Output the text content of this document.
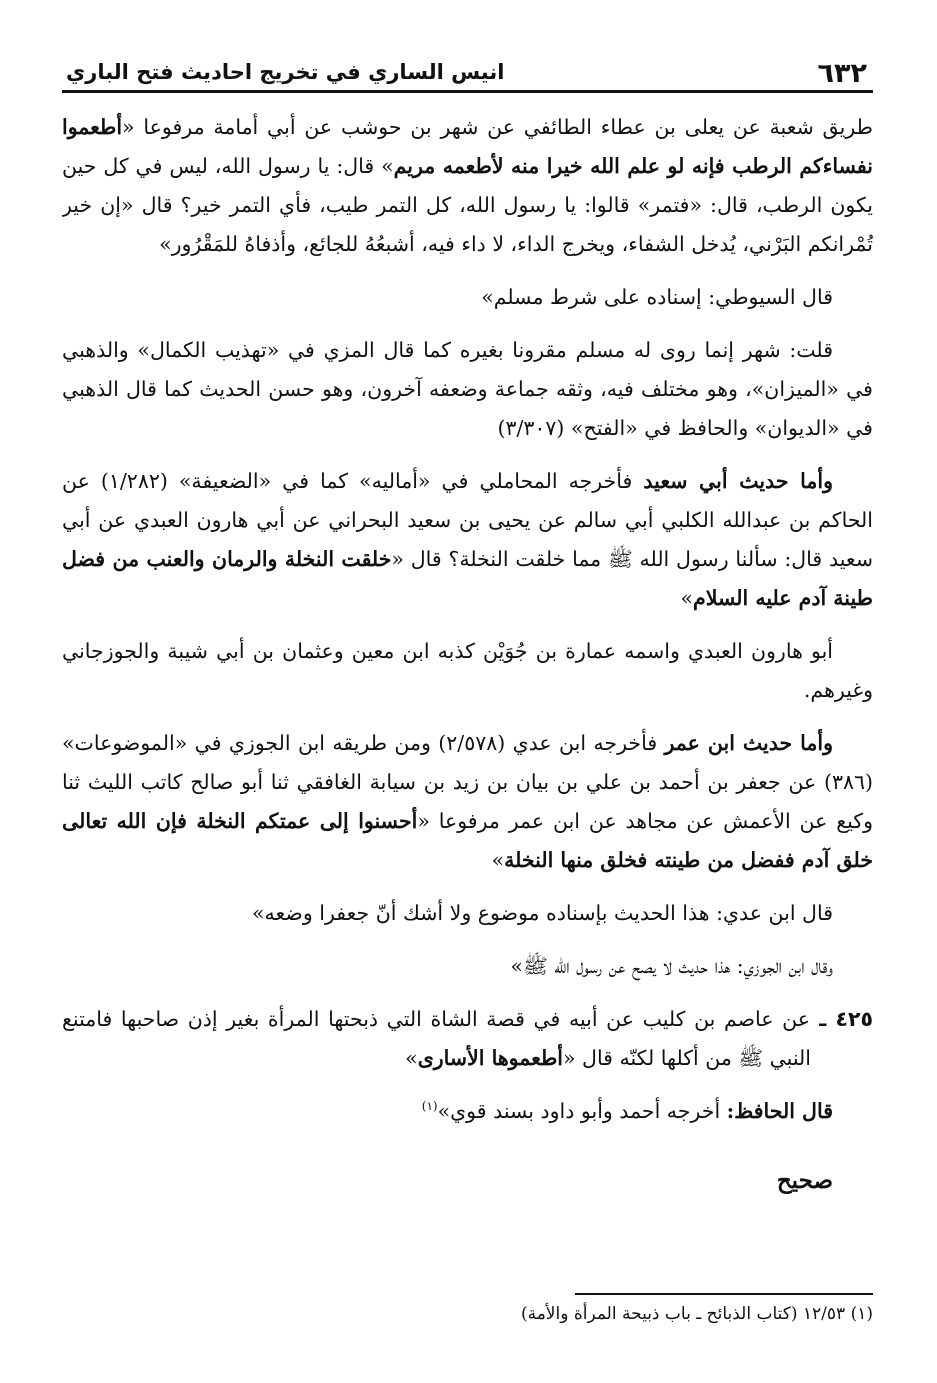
٦٣٢
انيس الساري في تخريج احاديث فتح الباري

طريق شعبة عن يعلى بن عطاء الطائفي عن شهر بن حوشب عن أبي أمامة مرفوعا «أطعموا نفساءكم الرطب فإنه لو علم الله خيرا منه لأطعمه مريم» قال: يا رسول الله، ليس في كل حين يكون الرطب، قال: «فتمر» قالوا: يا رسول الله، كل التمر طيب، فأي التمر خير؟ قال «إن خير تُمْرانكم البَرْني، يُدخل الشفاء، ويخرج الداء، لا داء فيه، أشبعُهُ للجائع، وأذفاهُ للمَقْرُور»

قال السيوطي: إسناده على شرط مسلم»

قلت: شهر إنما روى له مسلم مقرونا بغيره كما قال المزي في «تهذيب الكمال» والذهبي في «الميزان»، وهو مختلف فيه، وثقه جماعة وضعفه آخرون، وهو حسن الحديث كما قال الذهبي في «الديوان» والحافظ في «الفتح» (٣/٣٠٧)

وأما حديث أبي سعيد فأخرجه المحاملي في «أماليه» كما في «الضعيفة» (١/٢٨٢) عن الحاكم بن عبدالله الكلبي أبي سالم عن يحيى بن سعيد البحراني عن أبي هارون العبدي عن أبي سعيد قال: سألنا رسول الله ﷺ مما خلقت النخلة؟ قال «خلقت النخلة والرمان والعنب من فضل طينة آدم عليه السلام»

أبو هارون العبدي واسمه عمارة بن جُوَيْن كذبه ابن معين وعثمان بن أبي شيبة والجوزجاني وغيرهم.

وأما حديث ابن عمر فأخرجه ابن عدي (٢/٥٧٨) ومن طريقه ابن الجوزي في «الموضوعات» (٣٨٦) عن جعفر بن أحمد بن علي بن بيان بن زيد بن سيابة الغافقي ثنا أبو صالح كاتب الليث ثنا وكيع عن الأعمش عن مجاهد عن ابن عمر مرفوعا «أحسنوا إلى عمتكم النخلة فإن الله تعالى خلق آدم ففضل من طينته فخلق منها النخلة»

قال ابن عدي: هذا الحديث بإسناده موضوع ولا أشك أنّ جعفرا وضعه»

وقال ابن الجوزي: هذا حديث لا يصح عن رسول الله ﷺ»

٤٢٥ ـ عن عاصم بن كليب عن أبيه في قصة الشاة التي ذبحتها المرأة بغير إذن صاحبها فامتنع النبي ﷺ من أكلها لكنّه قال «أطعموها الأسارى»

قال الحافظ: أخرجه أحمد وأبو داود بسند قوي»$^{(١)}$

صحيح

(١) ١٢/٥٣ (كتاب الذبائح ـ باب ذبيحة المرأة والأمة)
